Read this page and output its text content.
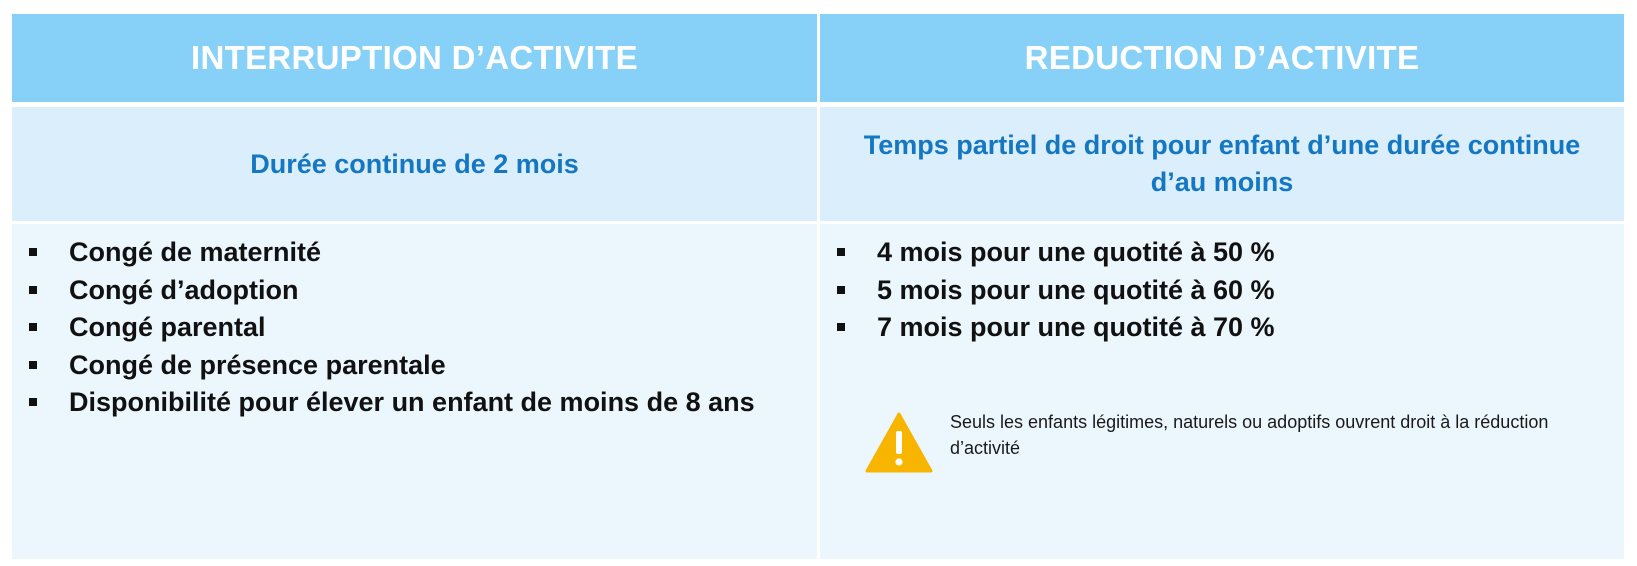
INTERRUPTION D’ACTIVITE	REDUCTION D’ACTIVITE
Durée continue de 2 mois
Temps partiel de droit pour enfant d’une durée continue d’au moins
Congé de maternité
Congé d’adoption
Congé parental
Congé de présence parentale
Disponibilité pour élever un enfant de moins de 8 ans
4 mois pour une quotité à 50 %
5 mois pour une quotité à 60 %
7 mois pour une quotité à 70 %
Seuls les enfants légitimes, naturels ou adoptifs ouvrent droit à la réduction d’activité
